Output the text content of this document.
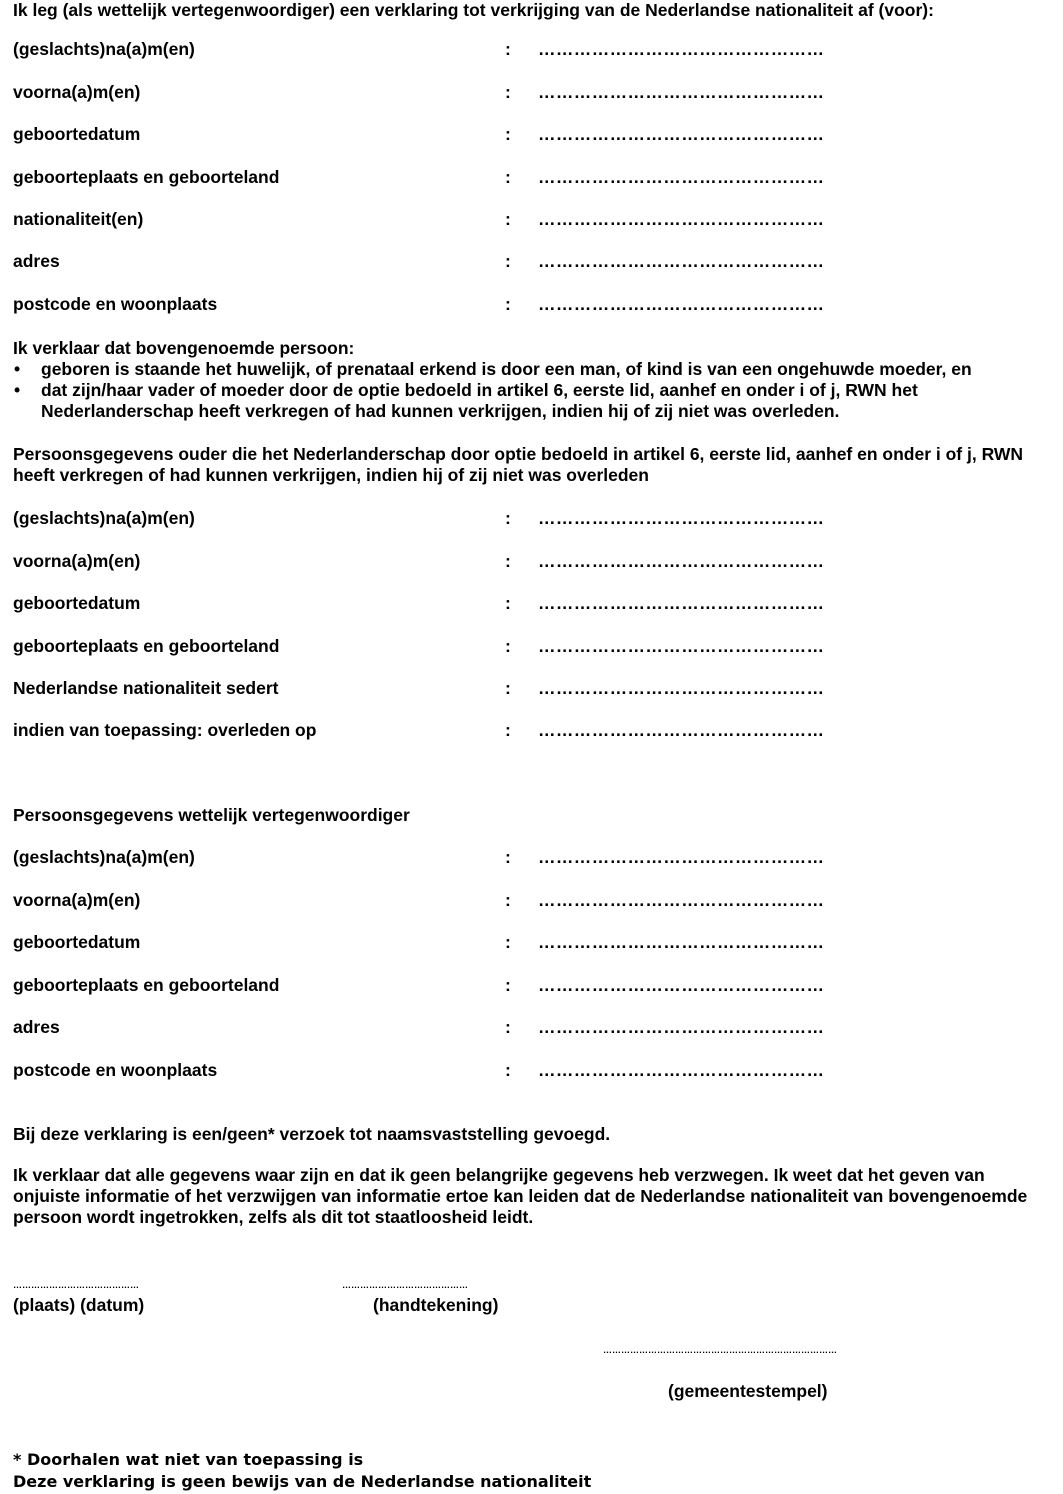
Ik leg (als wettelijk vertegenwoordiger) een verklaring tot verkrijging van de Nederlandse nationaliteit af (voor):
(geslachts)na(a)m(en)	: …………………………………………
voorna(a)m(en)	: …………………………………………
geboortedatum	: …………………………………………
geboorteplaats en geboorteland	: …………………………………………
nationaliteit(en)	: …………………………………………
adres	: …………………………………………
postcode en woonplaats	: …………………………………………
Ik verklaar dat bovengenoemde persoon:
• geboren is staande het huwelijk, of prenataal erkend is door een man, of kind is van een ongehuwde moeder, en
• dat zijn/haar vader of moeder door de optie bedoeld in artikel 6, eerste lid, aanhef en onder i of j, RWN het Nederlanderschap heeft verkregen of had kunnen verkrijgen, indien hij of zij niet was overleden.
Persoonsgegevens ouder die het Nederlanderschap door optie bedoeld in artikel 6, eerste lid, aanhef en onder i of j, RWN heeft verkregen of had kunnen verkrijgen, indien hij of zij niet was overleden
(geslachts)na(a)m(en)	: …………………………………………
voorna(a)m(en)	: …………………………………………
geboortedatum	: …………………………………………
geboorteplaats en geboorteland	: …………………………………………
Nederlandse nationaliteit sedert	: …………………………………………
indien van toepassing: overleden op	: …………………………………………
Persoonsgegevens wettelijk vertegenwoordiger
(geslachts)na(a)m(en)	: …………………………………………
voorna(a)m(en)	: …………………………………………
geboortedatum	: …………………………………………
geboorteplaats en geboorteland	: …………………………………………
adres	: …………………………………………
postcode en woonplaats	: …………………………………………
Bij deze verklaring is een/geen* verzoek tot naamsvaststelling gevoegd.
Ik verklaar dat alle gegevens waar zijn en dat ik geen belangrijke gegevens heb verzwegen. Ik weet dat het geven van onjuiste informatie of het verzwijgen van informatie ertoe kan leiden dat de Nederlandse nationaliteit van bovengenoemde persoon wordt ingetrokken, zelfs als dit tot staatloosheid leidt.
……………………………………
(plaats) (datum)
……………………………………
(handtekening)
……………………………………………………………………
(gemeentestempel)
* Doorhalen wat niet van toepassing is
Deze verklaring is geen bewijs van de Nederlandse nationaliteit
